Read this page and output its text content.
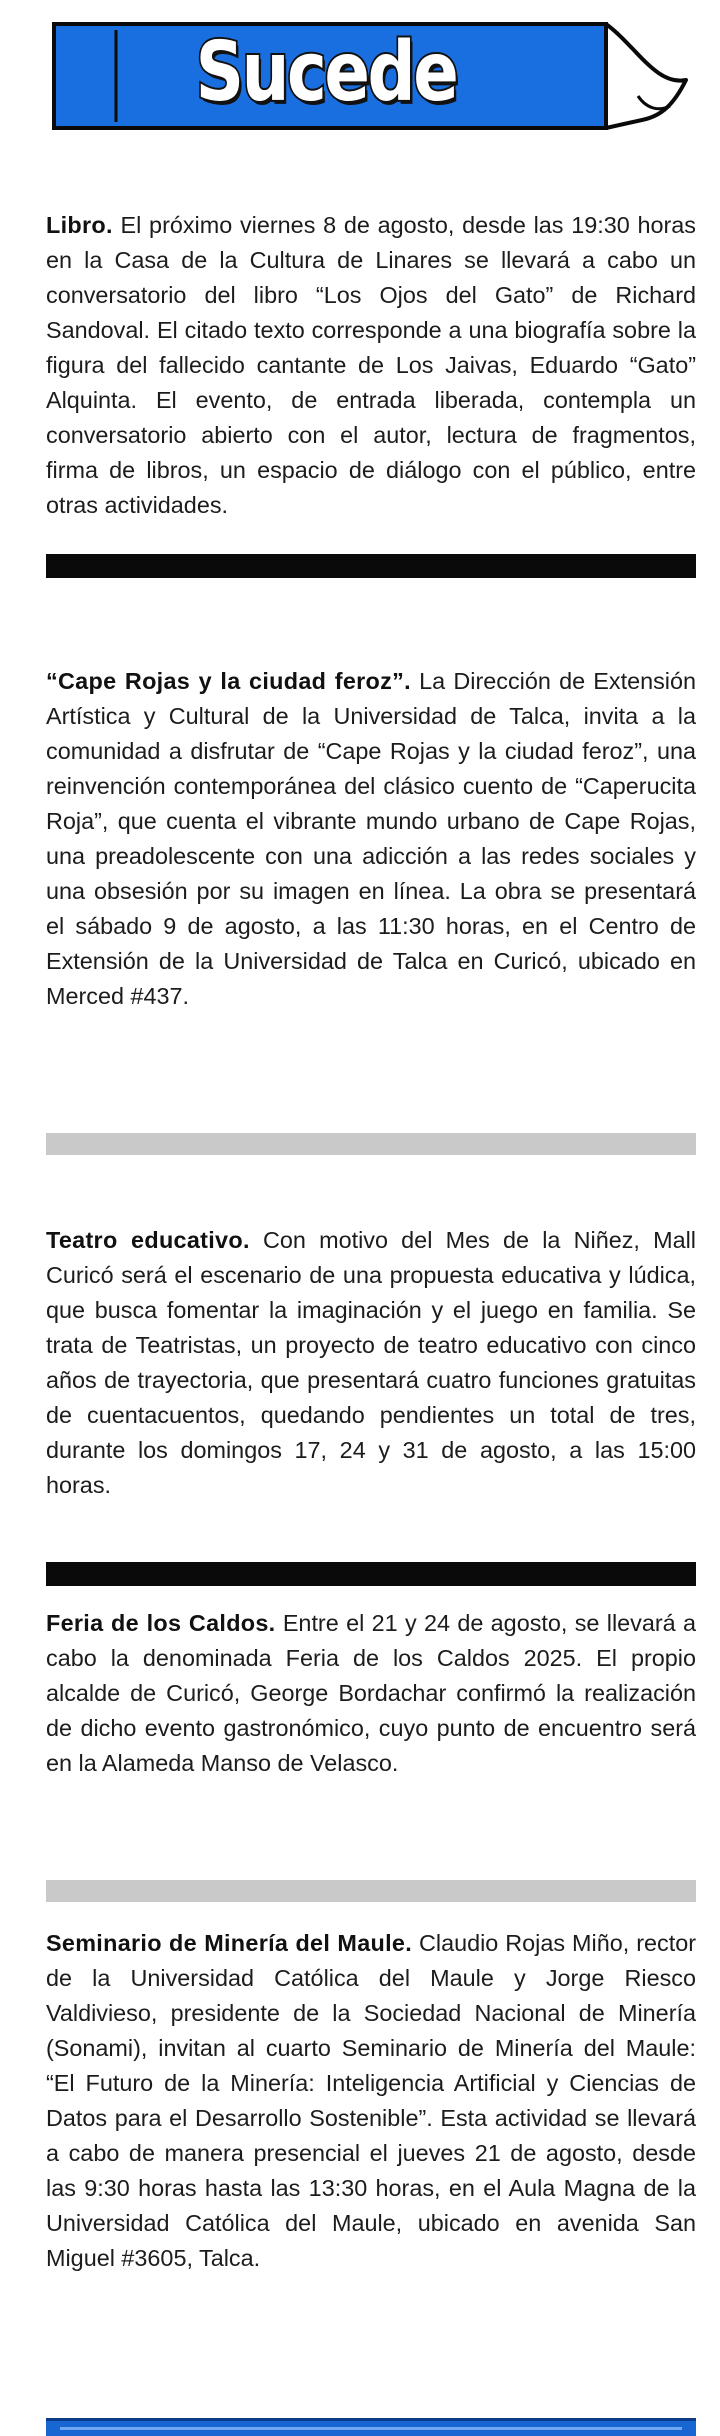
Sucede
Libro. El próximo viernes 8 de agosto, desde las 19:30 horas en la Casa de la Cultura de Linares se llevará a cabo un conversatorio del libro “Los Ojos del Gato” de Richard Sandoval. El citado texto corresponde a una biografía sobre la figura del fallecido cantante de Los Jaivas, Eduardo “Gato” Alquinta. El evento, de entrada liberada, contempla un conversatorio abierto con el autor, lectura de fragmentos, firma de libros, un espacio de diálogo con el público, entre otras actividades.
“Cape Rojas y la ciudad feroz”. La Dirección de Extensión Artística y Cultural de la Universidad de Talca, invita a la comunidad a disfrutar de “Cape Rojas y la ciudad feroz”, una reinvención contemporánea del clásico cuento de “Caperucita Roja”, que cuenta el vibrante mundo urbano de Cape Rojas, una preadolescente con una adicción a las redes sociales y una obsesión por su imagen en línea. La obra se presentará el sábado 9 de agosto, a las 11:30 horas, en el Centro de Extensión de la Universidad de Talca en Curicó, ubicado en Merced #437.
Teatro educativo. Con motivo del Mes de la Niñez, Mall Curicó será el escenario de una propuesta educativa y lúdica, que busca fomentar la imaginación y el juego en familia. Se trata de Teatristas, un proyecto de teatro educativo con cinco años de trayectoria, que presentará cuatro funciones gratuitas de cuentacuentos, quedando pendientes un total de tres, durante los domingos 17, 24 y 31 de agosto, a las 15:00 horas.
Feria de los Caldos. Entre el 21 y 24 de agosto, se llevará a cabo la denominada Feria de los Caldos 2025. El propio alcalde de Curicó, George Bordachar confirmó la realización de dicho evento gastronómico, cuyo punto de encuentro será en la Alameda Manso de Velasco.
Seminario de Minería del Maule. Claudio Rojas Miño, rector de la Universidad Católica del Maule y Jorge Riesco Valdivieso, presidente de la Sociedad Nacional de Minería (Sonami), invitan al cuarto Seminario de Minería del Maule: “El Futuro de la Minería: Inteligencia Artificial y Ciencias de Datos para el Desarrollo Sostenible”. Esta actividad se llevará a cabo de manera presencial el jueves 21 de agosto, desde las 9:30 horas hasta las 13:30 horas, en el Aula Magna de la Universidad Católica del Maule, ubicado en avenida San Miguel #3605, Talca.
